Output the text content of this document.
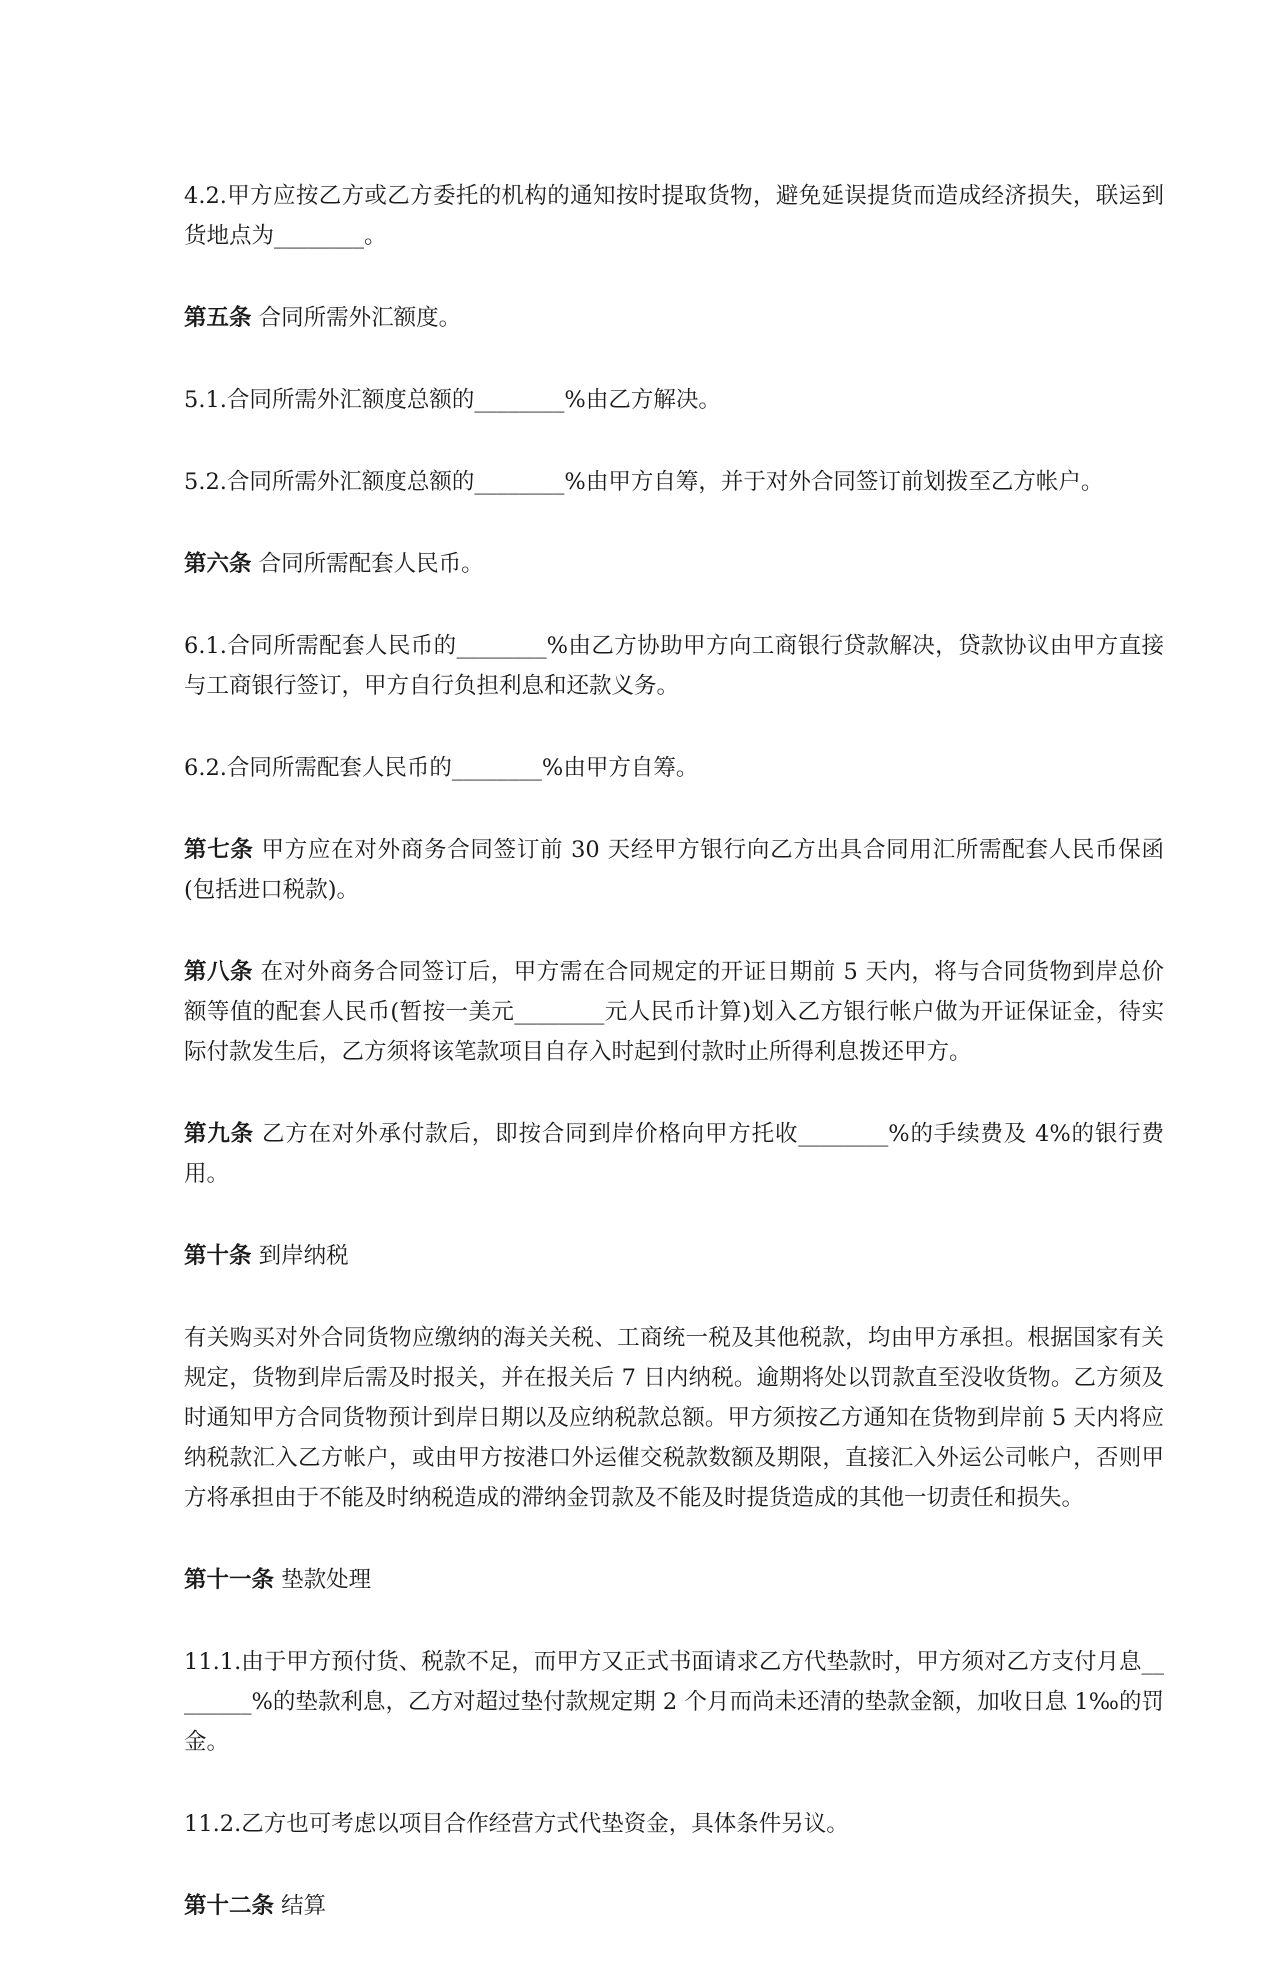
4.2.甲方应按乙方或乙方委托的机构的通知按时提取货物，避免延误提货而造成经济损失，联运到货地点为________。

第五条 合同所需外汇额度。

5.1.合同所需外汇额度总额的________%由乙方解决。

5.2.合同所需外汇额度总额的________%由甲方自筹，并于对外合同签订前划拨至乙方帐户。

第六条 合同所需配套人民币。

6.1.合同所需配套人民币的________%由乙方协助甲方向工商银行贷款解决，贷款协议由甲方直接与工商银行签订，甲方自行负担利息和还款义务。

6.2.合同所需配套人民币的________%由甲方自筹。

第七条 甲方应在对外商务合同签订前 30 天经甲方银行向乙方出具合同用汇所需配套人民币保函(包括进口税款)。

第八条 在对外商务合同签订后，甲方需在合同规定的开证日期前 5 天内，将与合同货物到岸总价额等值的配套人民币(暂按一美元________元人民币计算)划入乙方银行帐户做为开证保证金，待实际付款发生后，乙方须将该笔款项目自存入时起到付款时止所得利息拨还甲方。

第九条 乙方在对外承付款后，即按合同到岸价格向甲方托收________%的手续费及 4%的银行费用。

第十条 到岸纳税

有关购买对外合同货物应缴纳的海关关税、工商统一税及其他税款，均由甲方承担。根据国家有关规定，货物到岸后需及时报关，并在报关后 7 日内纳税。逾期将处以罚款直至没收货物。乙方须及时通知甲方合同货物预计到岸日期以及应纳税款总额。甲方须按乙方通知在货物到岸前 5 天内将应纳税款汇入乙方帐户，或由甲方按港口外运催交税款数额及期限，直接汇入外运公司帐户，否则甲方将承担由于不能及时纳税造成的滞纳金罚款及不能及时提货造成的其他一切责任和损失。

第十一条 垫款处理

11.1.由于甲方预付货、税款不足，而甲方又正式书面请求乙方代垫款时，甲方须对乙方支付月息________%的垫款利息，乙方对超过垫付款规定期 2 个月而尚未还清的垫款金额，加收日息 1‰的罚金。

11.2.乙方也可考虑以项目合作经营方式代垫资金，具体条件另议。

第十二条 结算
